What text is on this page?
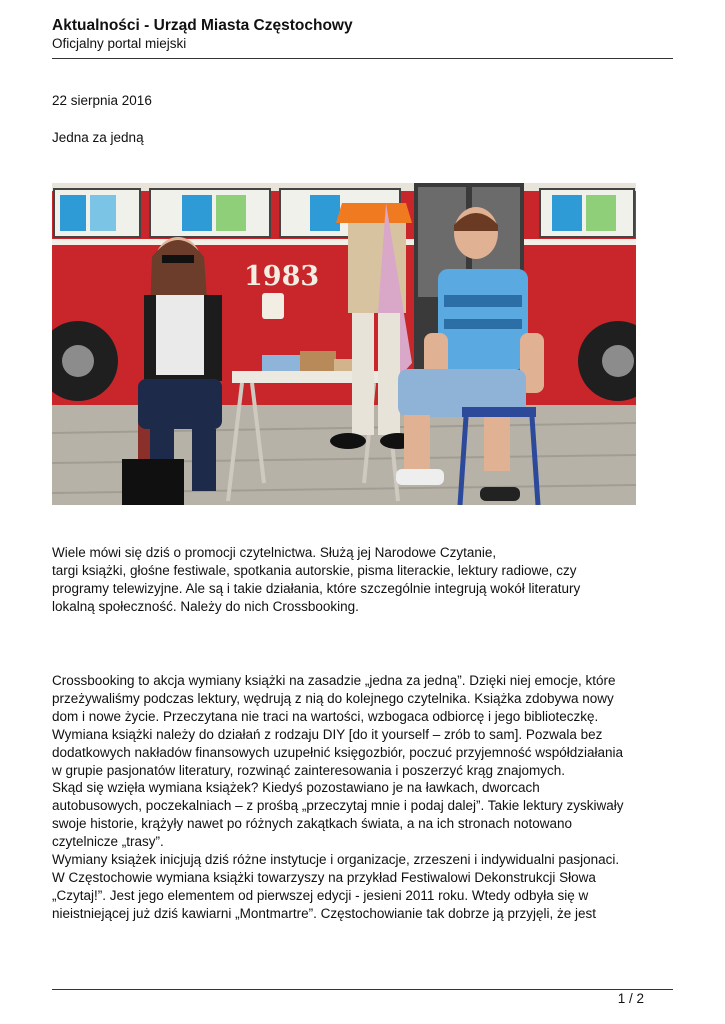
Aktualności - Urząd Miasta Częstochowy
Oficjalny portal miejski
22 sierpnia 2016
Jedna za jedną
1983
Wiele mówi się dziś o promocji czytelnictwa. Służą jej Narodowe Czytanie,
targi książki, głośne festiwale, spotkania autorskie, pisma literackie, lektury radiowe, czy
programy telewizyjne. Ale są i takie działania, które szczególnie integrują wokół literatury
lokalną społeczność. Należy do nich Crossbooking.
Crossbooking to akcja wymiany książki na zasadzie „jedna za jedną”. Dzięki niej emocje, które
przeżywaliśmy podczas lektury, wędrują z nią do kolejnego czytelnika. Książka zdobywa nowy
dom i nowe życie. Przeczytana nie traci na wartości, wzbogaca odbiorcę i jego biblioteczkę.
Wymiana książki należy do działań z rodzaju DIY [do it yourself – zrób to sam]. Pozwala bez
dodatkowych nakładów finansowych uzupełnić księgozbiór, poczuć przyjemność współdziałania
w grupie pasjonatów literatury, rozwinąć zainteresowania i poszerzyć krąg znajomych.
Skąd się wzięła wymiana książek? Kiedyś pozostawiano je na ławkach, dworcach
autobusowych, poczekalniach – z prośbą „przeczytaj mnie i podaj dalej”. Takie lektury zyskiwały
swoje historie, krążyły nawet po różnych zakątkach świata, a na ich stronach notowano
czytelnicze „trasy”.
Wymiany książek inicjują dziś różne instytucje i organizacje, zrzeszeni i indywidualni pasjonaci.
W Częstochowie wymiana książki towarzyszy na przykład Festiwalowi Dekonstrukcji Słowa
„Czytaj!”. Jest jego elementem od pierwszej edycji - jesieni 2011 roku. Wtedy odbyła się w
nieistniejącej już dziś kawiarni „Montmartre”. Częstochowianie tak dobrze ją przyjęli, że jest
1 / 2
